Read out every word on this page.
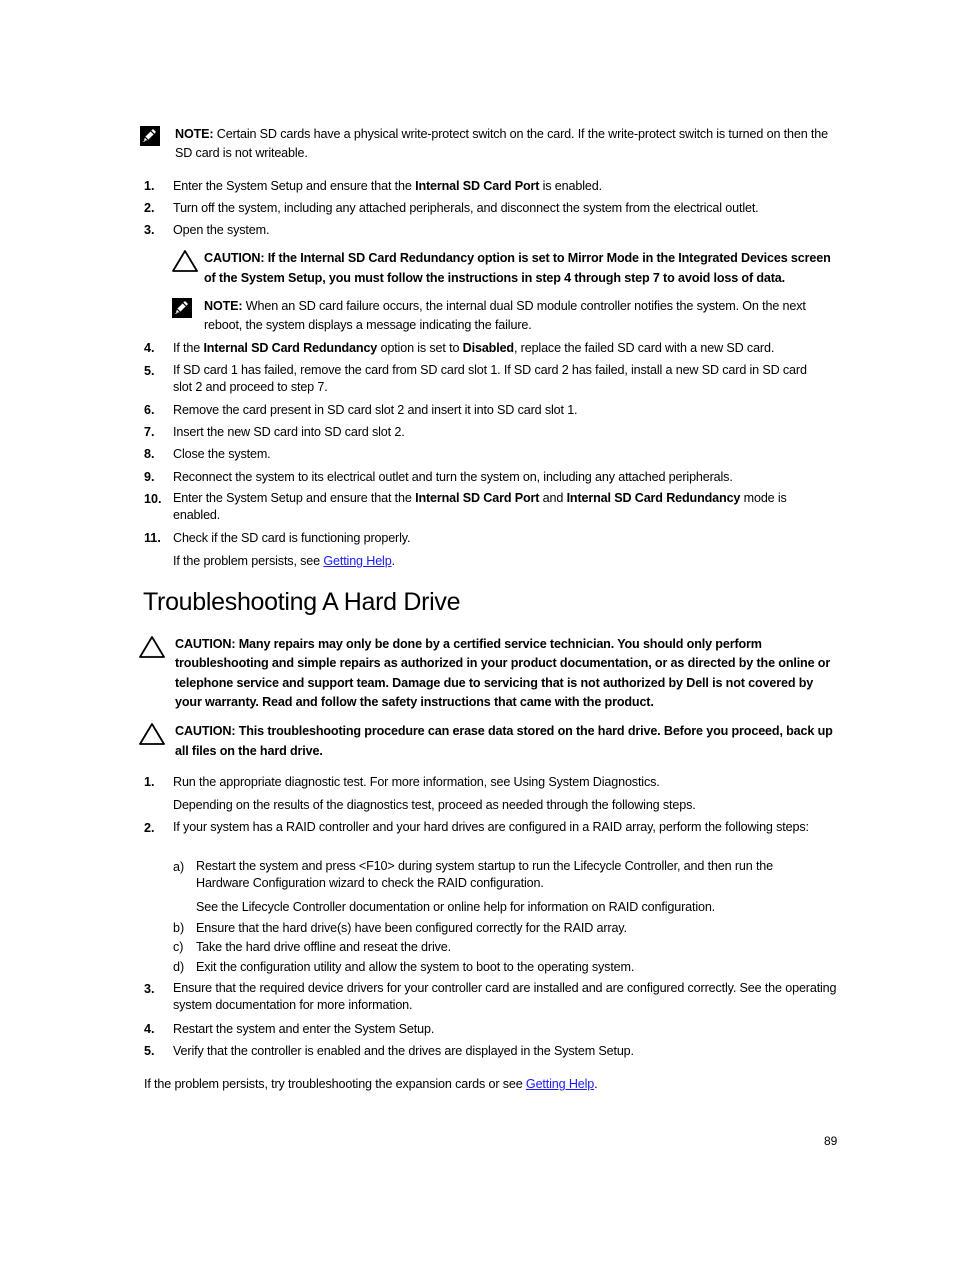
NOTE: Certain SD cards have a physical write-protect switch on the card. If the write-protect switch is turned on then the SD card is not writeable.
1. Enter the System Setup and ensure that the Internal SD Card Port is enabled.
2. Turn off the system, including any attached peripherals, and disconnect the system from the electrical outlet.
3. Open the system.
CAUTION: If the Internal SD Card Redundancy option is set to Mirror Mode in the Integrated Devices screen of the System Setup, you must follow the instructions in step 4 through step 7 to avoid loss of data.
NOTE: When an SD card failure occurs, the internal dual SD module controller notifies the system. On the next reboot, the system displays a message indicating the failure.
4. If the Internal SD Card Redundancy option is set to Disabled, replace the failed SD card with a new SD card.
5. If SD card 1 has failed, remove the card from SD card slot 1. If SD card 2 has failed, install a new SD card in SD card slot 2 and proceed to step 7.
6. Remove the card present in SD card slot 2 and insert it into SD card slot 1.
7. Insert the new SD card into SD card slot 2.
8. Close the system.
9. Reconnect the system to its electrical outlet and turn the system on, including any attached peripherals.
10. Enter the System Setup and ensure that the Internal SD Card Port and Internal SD Card Redundancy mode is enabled.
11. Check if the SD card is functioning properly.
If the problem persists, see Getting Help.
Troubleshooting A Hard Drive
CAUTION: Many repairs may only be done by a certified service technician. You should only perform troubleshooting and simple repairs as authorized in your product documentation, or as directed by the online or telephone service and support team. Damage due to servicing that is not authorized by Dell is not covered by your warranty. Read and follow the safety instructions that came with the product.
CAUTION: This troubleshooting procedure can erase data stored on the hard drive. Before you proceed, back up all files on the hard drive.
1. Run the appropriate diagnostic test. For more information, see Using System Diagnostics.
Depending on the results of the diagnostics test, proceed as needed through the following steps.
2. If your system has a RAID controller and your hard drives are configured in a RAID array, perform the following steps:
a) Restart the system and press <F10> during system startup to run the Lifecycle Controller, and then run the Hardware Configuration wizard to check the RAID configuration.
See the Lifecycle Controller documentation or online help for information on RAID configuration.
b) Ensure that the hard drive(s) have been configured correctly for the RAID array.
c) Take the hard drive offline and reseat the drive.
d) Exit the configuration utility and allow the system to boot to the operating system.
3. Ensure that the required device drivers for your controller card are installed and are configured correctly. See the operating system documentation for more information.
4. Restart the system and enter the System Setup.
5. Verify that the controller is enabled and the drives are displayed in the System Setup.
If the problem persists, try troubleshooting the expansion cards or see Getting Help.
89
